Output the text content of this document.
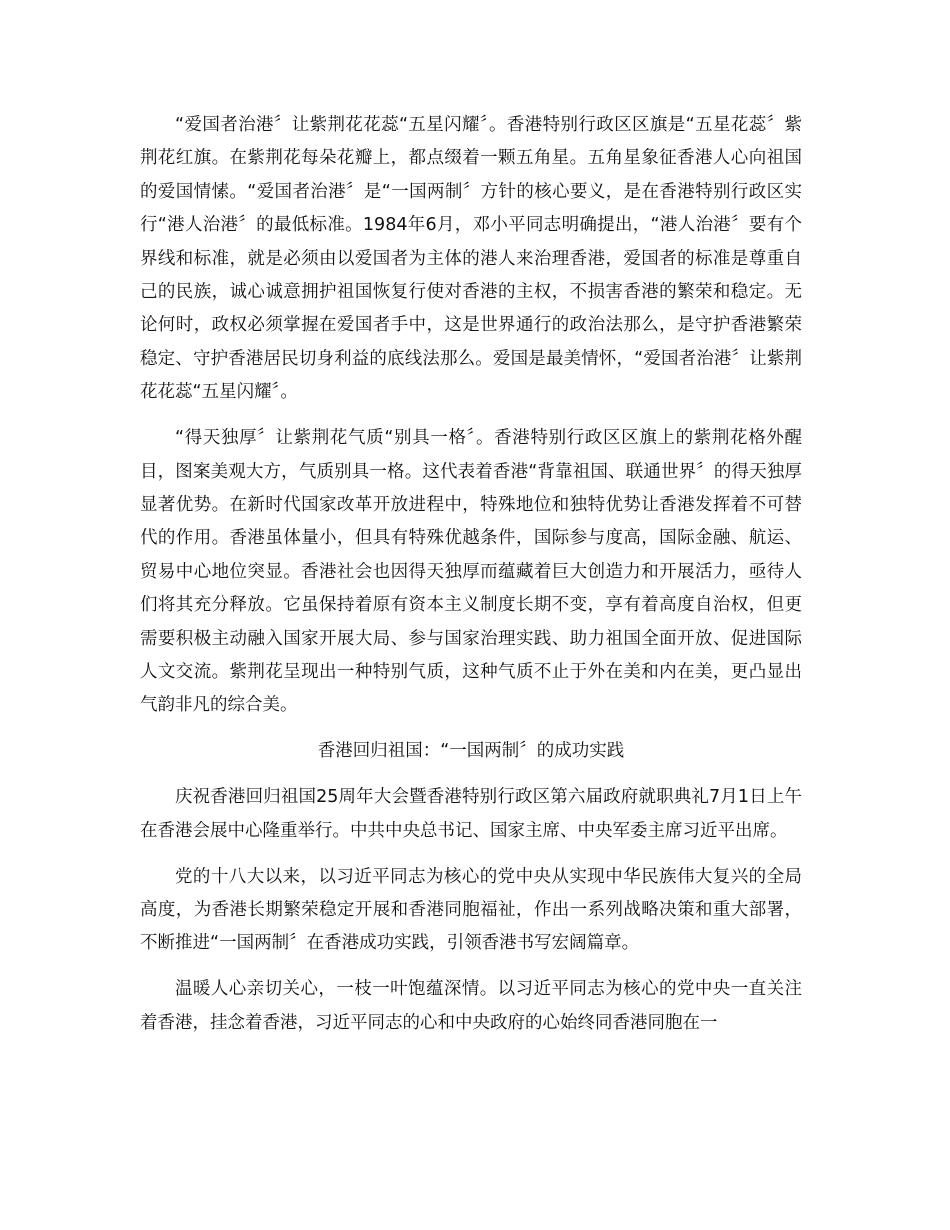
“爱国者治港〞让紫荆花花蕊“五星闪耀〞。香港特别行政区区旗是“五星花蕊〞紫荆花红旗。在紫荆花每朵花瓣上，都点缀着一颗五角星。五角星象征香港人心向祖国的爱国情愫。“爱国者治港〞是“一国两制〞方针的核心要义，是在香港特别行政区实行“港人治港〞的最低标准。1984年6月，邓小平同志明确提出，“港人治港〞要有个界线和标准，就是必须由以爱国者为主体的港人来治理香港，爱国者的标准是尊重自己的民族，诚心诚意拥护祖国恢复行使对香港的主权，不损害香港的繁荣和稳定。无论何时，政权必须掌握在爱国者手中，这是世界通行的政治法那么，是守护香港繁荣稳定、守护香港居民切身利益的底线法那么。爱国是最美情怀，“爱国者治港〞让紫荆花花蕊“五星闪耀〞。

“得天独厚〞让紫荆花气质“别具一格〞。香港特别行政区区旗上的紫荆花格外醒目，图案美观大方，气质别具一格。这代表着香港“背靠祖国、联通世界〞的得天独厚显著优势。在新时代国家改革开放进程中，特殊地位和独特优势让香港发挥着不可替代的作用。香港虽体量小，但具有特殊优越条件，国际参与度高，国际金融、航运、贸易中心地位突显。香港社会也因得天独厚而蕴藏着巨大创造力和开展活力，亟待人们将其充分释放。它虽保持着原有资本主义制度长期不变，享有着高度自治权，但更需要积极主动融入国家开展大局、参与国家治理实践、助力祖国全面开放、促进国际人文交流。紫荆花呈现出一种特别气质，这种气质不止于外在美和内在美，更凸显出气韵非凡的综合美。

香港回归祖国：“一国两制〞的成功实践

庆祝香港回归祖国25周年大会暨香港特别行政区第六届政府就职典礼7月1日上午在香港会展中心隆重举行。中共中央总书记、国家主席、中央军委主席习近平出席。

党的十八大以来，以习近平同志为核心的党中央从实现中华民族伟大复兴的全局高度，为香港长期繁荣稳定开展和香港同胞福祉，作出一系列战略决策和重大部署，不断推进“一国两制〞在香港成功实践，引领香港书写宏阔篇章。

温暖人心亲切关心，一枝一叶饱蕴深情。以习近平同志为核心的党中央一直关注着香港，挂念着香港，习近平同志的心和中央政府的心始终同香港同胞在一
